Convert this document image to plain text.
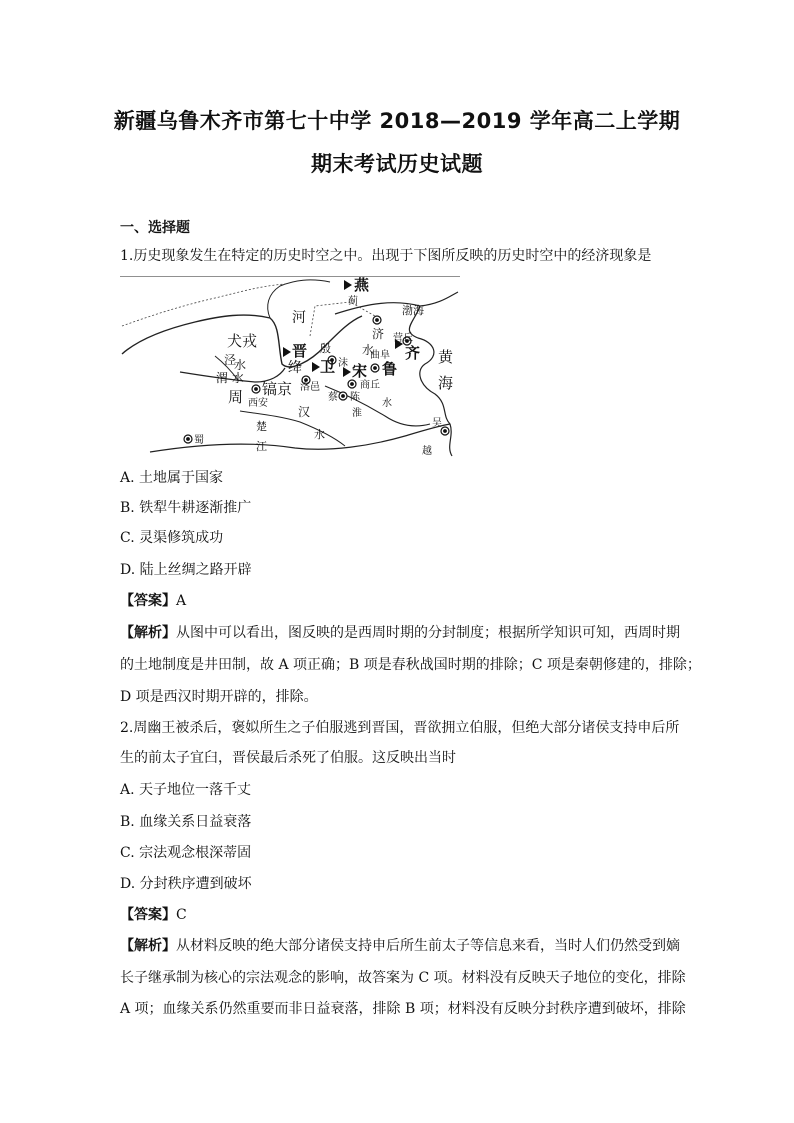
新疆乌鲁木齐市第七十中学 2018—2019 学年高二上学期
期末考试历史试题
一、选择题
1.历史现象发生在特定的历史时空之中。出现于下图所反映的历史时空中的经济现象是
燕
蓟
渤海
河
犬戎
晋
绛
殷
卫 沫
济 营丘
齐 黄
海
水
曲阜
鲁
宋
泾
渭 水
水
镐京
周 西安
洛邑	商丘
蔡 陈
淮
水
汉
蜀
楚
江
水
吴
越
A. 土地属于国家
B. 铁犁牛耕逐渐推广
C. 灵渠修筑成功
D. 陆上丝绸之路开辟
【答案】A
【解析】从图中可以看出，图反映的是西周时期的分封制度；根据所学知识可知，西周时期
的土地制度是井田制，故 A 项正确；B 项是春秋战国时期的排除；C 项是秦朝修建的，排除；
D 项是西汉时期开辟的，排除。
2.周幽王被杀后，褒姒所生之子伯服逃到晋国，晋欲拥立伯服，但绝大部分诸侯支持申后所
生的前太子宜臼，晋侯最后杀死了伯服。这反映出当时
A. 天子地位一落千丈
B. 血缘关系日益衰落
C. 宗法观念根深蒂固
D. 分封秩序遭到破坏
【答案】C
【解析】从材料反映的绝大部分诸侯支持申后所生前太子等信息来看，当时人们仍然受到嫡
长子继承制为核心的宗法观念的影响，故答案为 C 项。材料没有反映天子地位的变化，排除
A 项；血缘关系仍然重要而非日益衰落，排除 B 项；材料没有反映分封秩序遭到破坏，排除
